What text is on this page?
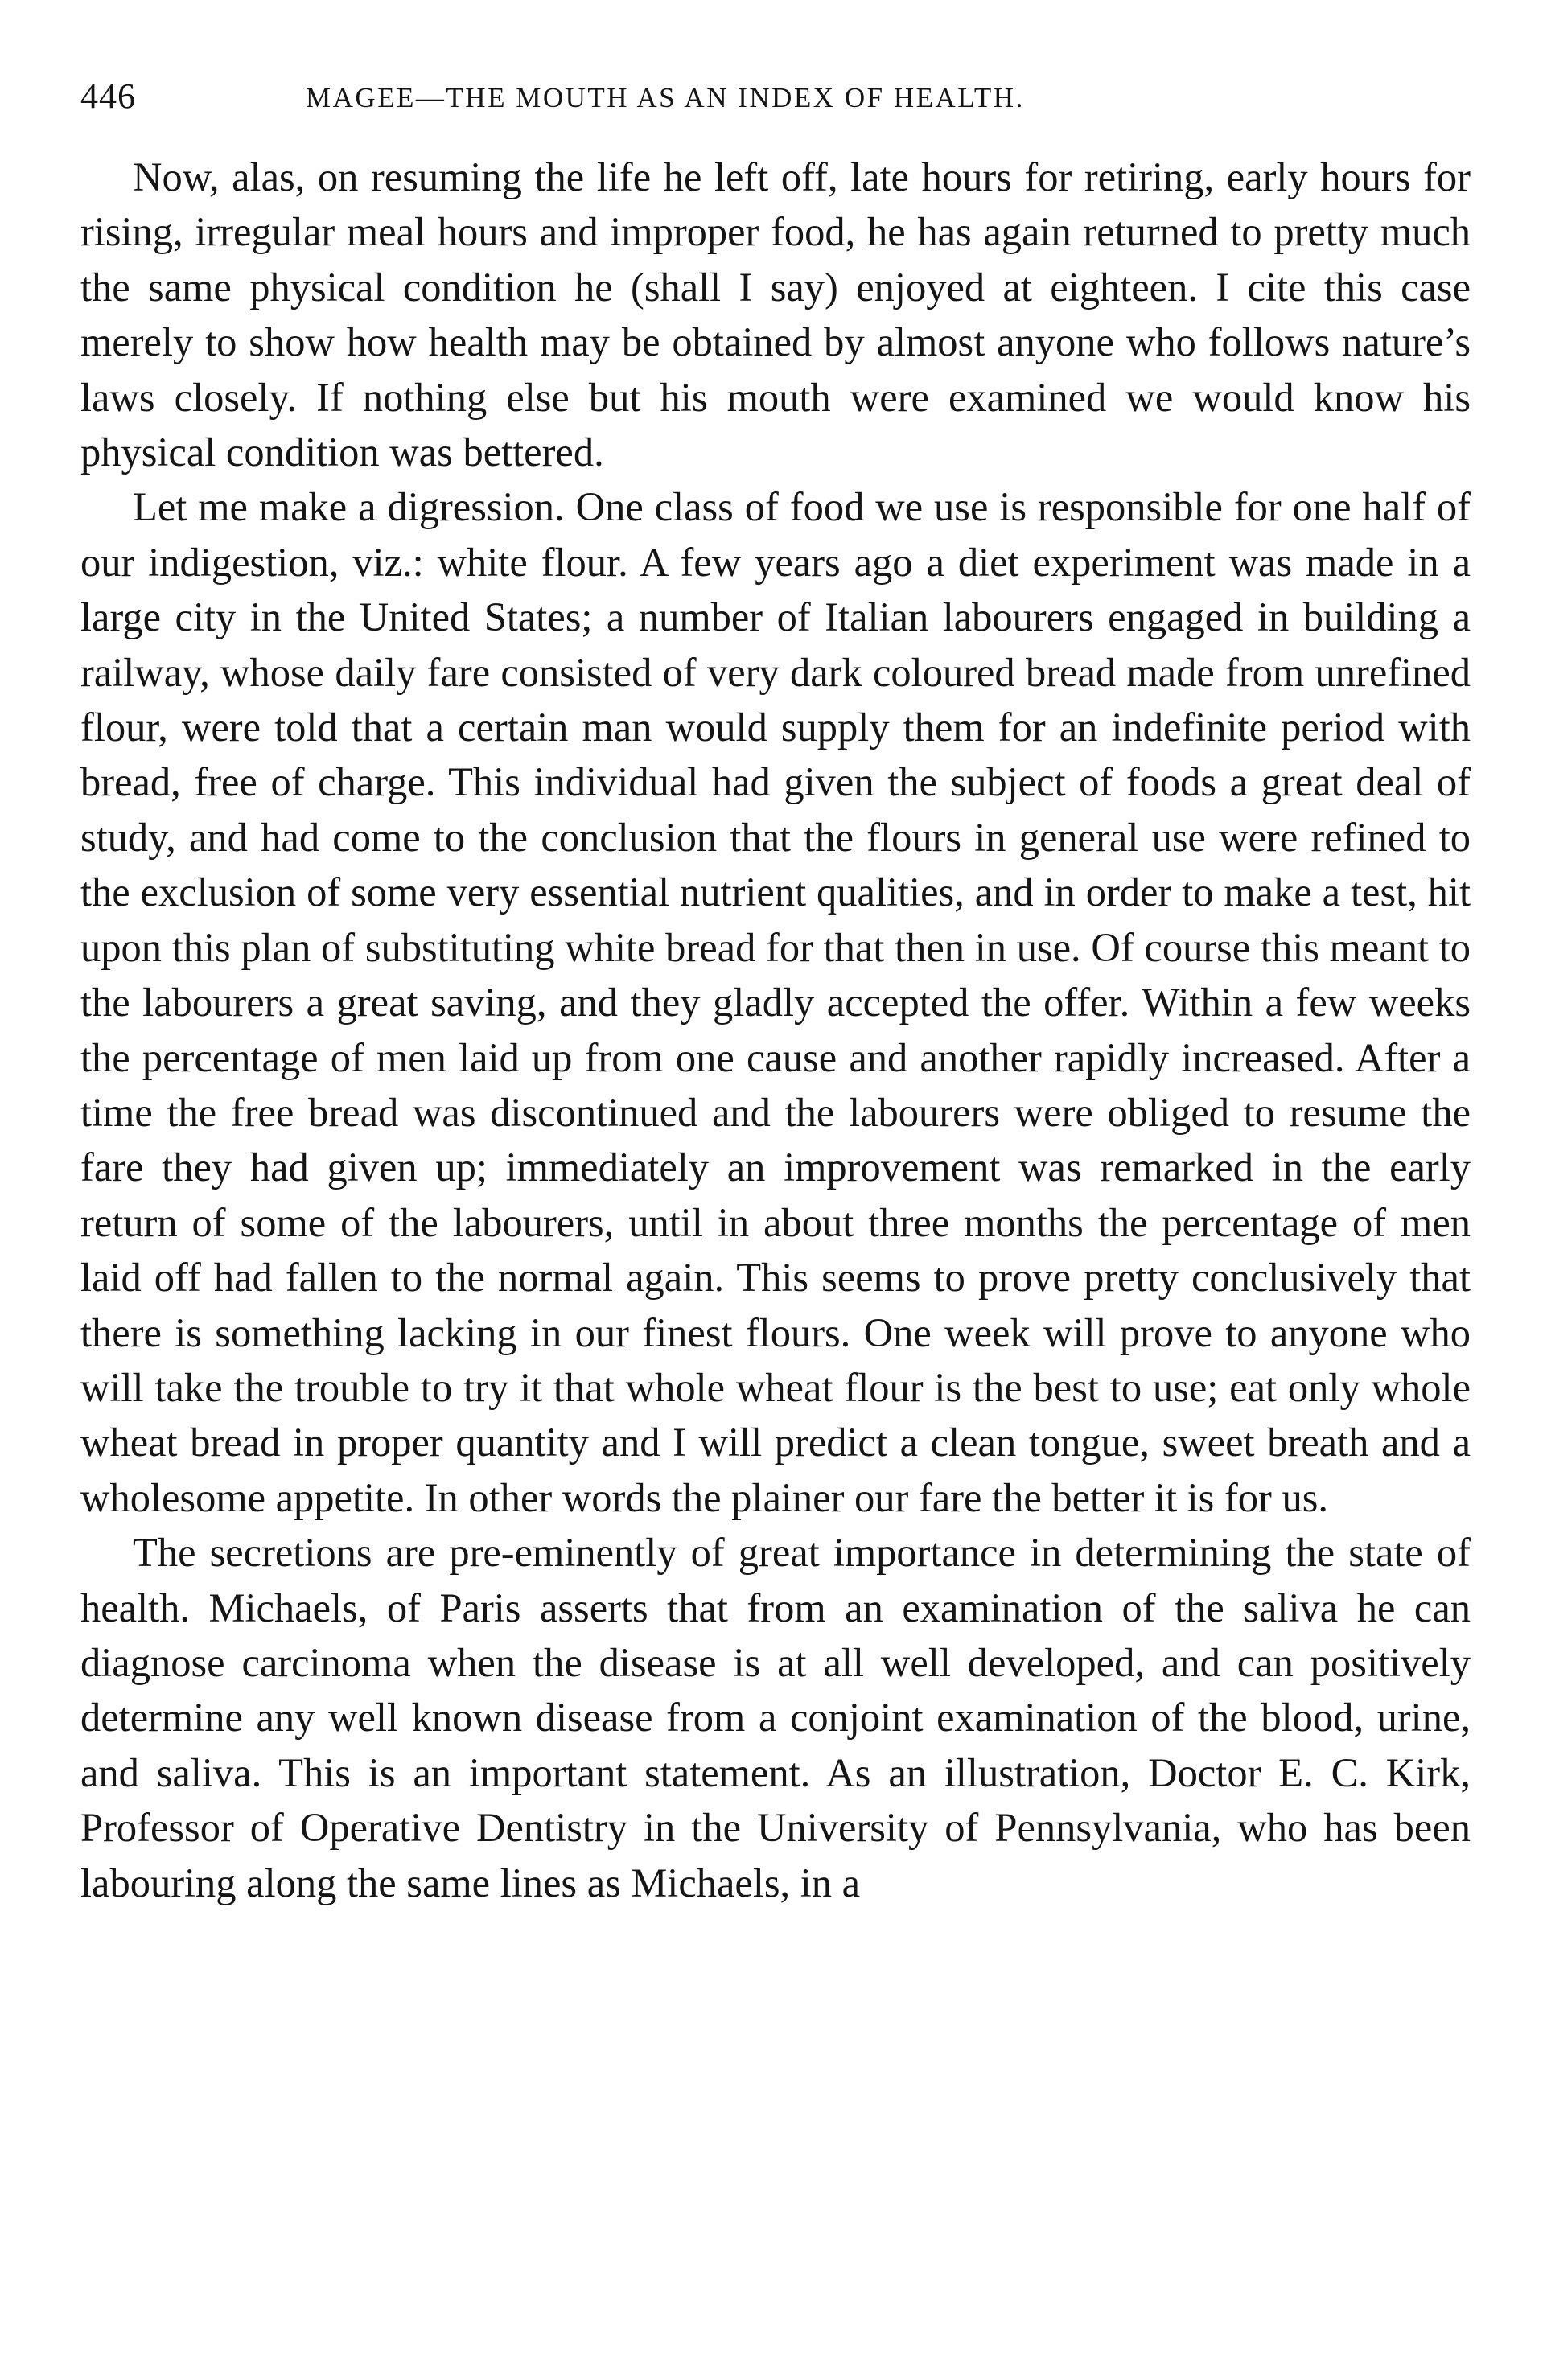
446	MAGEE—THE MOUTH AS AN INDEX OF HEALTH.

Now, alas, on resuming the life he left off, late hours for retiring, early hours for rising, irregular meal hours and improper food, he has again returned to pretty much the same physical condition he (shall I say) enjoyed at eighteen. I cite this case merely to show how health may be obtained by almost anyone who follows nature’s laws closely. If nothing else but his mouth were examined we would know his physical condition was bettered.

Let me make a digression. One class of food we use is responsible for one half of our indigestion, viz.: white flour. A few years ago a diet experiment was made in a large city in the United States; a number of Italian labourers engaged in building a railway, whose daily fare consisted of very dark coloured bread made from unrefined flour, were told that a certain man would supply them for an indefinite period with bread, free of charge. This individual had given the subject of foods a great deal of study, and had come to the conclusion that the flours in general use were refined to the exclusion of some very essential nutrient qualities, and in order to make a test, hit upon this plan of substituting white bread for that then in use. Of course this meant to the labourers a great saving, and they gladly accepted the offer. Within a few weeks the percentage of men laid up from one cause and another rapidly increased. After a time the free bread was discontinued and the labourers were obliged to resume the fare they had given up; immediately an improvement was remarked in the early return of some of the labourers, until in about three months the percentage of men laid off had fallen to the normal again. This seems to prove pretty conclusively that there is something lacking in our finest flours. One week will prove to anyone who will take the trouble to try it that whole wheat flour is the best to use; eat only whole wheat bread in proper quantity and I will predict a clean tongue, sweet breath and a wholesome appetite. In other words the plainer our fare the better it is for us.

The secretions are pre-eminently of great importance in determining the state of health. Michaels, of Paris asserts that from an examination of the saliva he can diagnose carcinoma when the disease is at all well developed, and can positively determine any well known disease from a conjoint examination of the blood, urine, and saliva. This is an important statement. As an illustration, Doctor E. C. Kirk, Professor of Operative Dentistry in the University of Pennsylvania, who has been labouring along the same lines as Michaels, in a
